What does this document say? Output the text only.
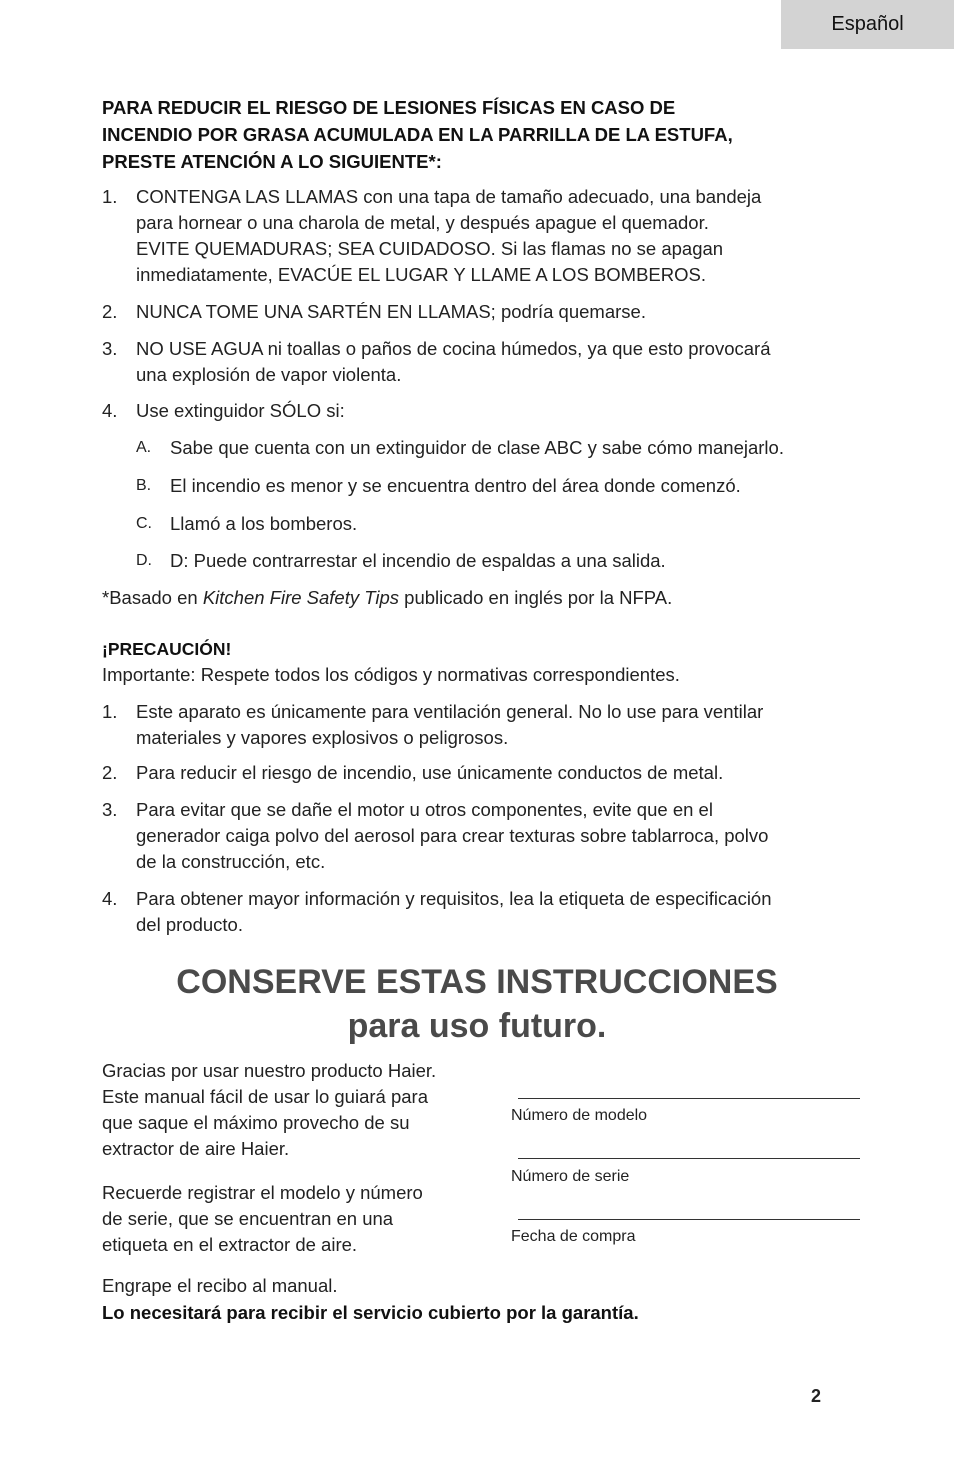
Español
PARA REDUCIR EL RIESGO DE LESIONES FÍSICAS EN CASO DE
INCENDIO POR GRASA ACUMULADA EN LA PARRILLA DE LA ESTUFA,
PRESTE ATENCIÓN A LO SIGUIENTE*:
1. CONTENGA LAS LLAMAS con una tapa de tamaño adecuado, una bandeja
para hornear o una charola de metal, y después apague el quemador.
EVITE QUEMADURAS; SEA CUIDADOSO. Si las flamas no se apagan
inmediatamente, EVACÚE EL LUGAR Y LLAME A LOS BOMBEROS.
2. NUNCA TOME UNA SARTÉN EN LLAMAS; podría quemarse.
3. NO USE AGUA ni toallas o paños de cocina húmedos, ya que esto provocará
una explosión de vapor violenta.
4. Use extinguidor SÓLO si:
A. Sabe que cuenta con un extinguidor de clase ABC y sabe cómo manejarlo.
B. El incendio es menor y se encuentra dentro del área donde comenzó.
C. Llamó a los bomberos.
D. D: Puede contrarrestar el incendio de espaldas a una salida.
*Basado en Kitchen Fire Safety Tips publicado en inglés por la NFPA.
¡PRECAUCIÓN!
Importante: Respete todos los códigos y normativas correspondientes.
1. Este aparato es únicamente para ventilación general. No lo use para ventilar
materiales y vapores explosivos o peligrosos.
2. Para reducir el riesgo de incendio, use únicamente conductos de metal.
3. Para evitar que se dañe el motor u otros componentes, evite que en el
generador caiga polvo del aerosol para crear texturas sobre tablarroca, polvo
de la construcción, etc.
4. Para obtener mayor información y requisitos, lea la etiqueta de especificación
del producto.
CONSERVE ESTAS INSTRUCCIONES
para uso futuro.
Gracias por usar nuestro producto Haier.
Este manual fácil de usar lo guiará para
que saque el máximo provecho de su
extractor de aire Haier.
Recuerde registrar el modelo y número
de serie, que se encuentran en una
etiqueta en el extractor de aire.
Número de modelo
Número de serie
Fecha de compra
Engrape el recibo al manual.
Lo necesitará para recibir el servicio cubierto por la garantía.
2
